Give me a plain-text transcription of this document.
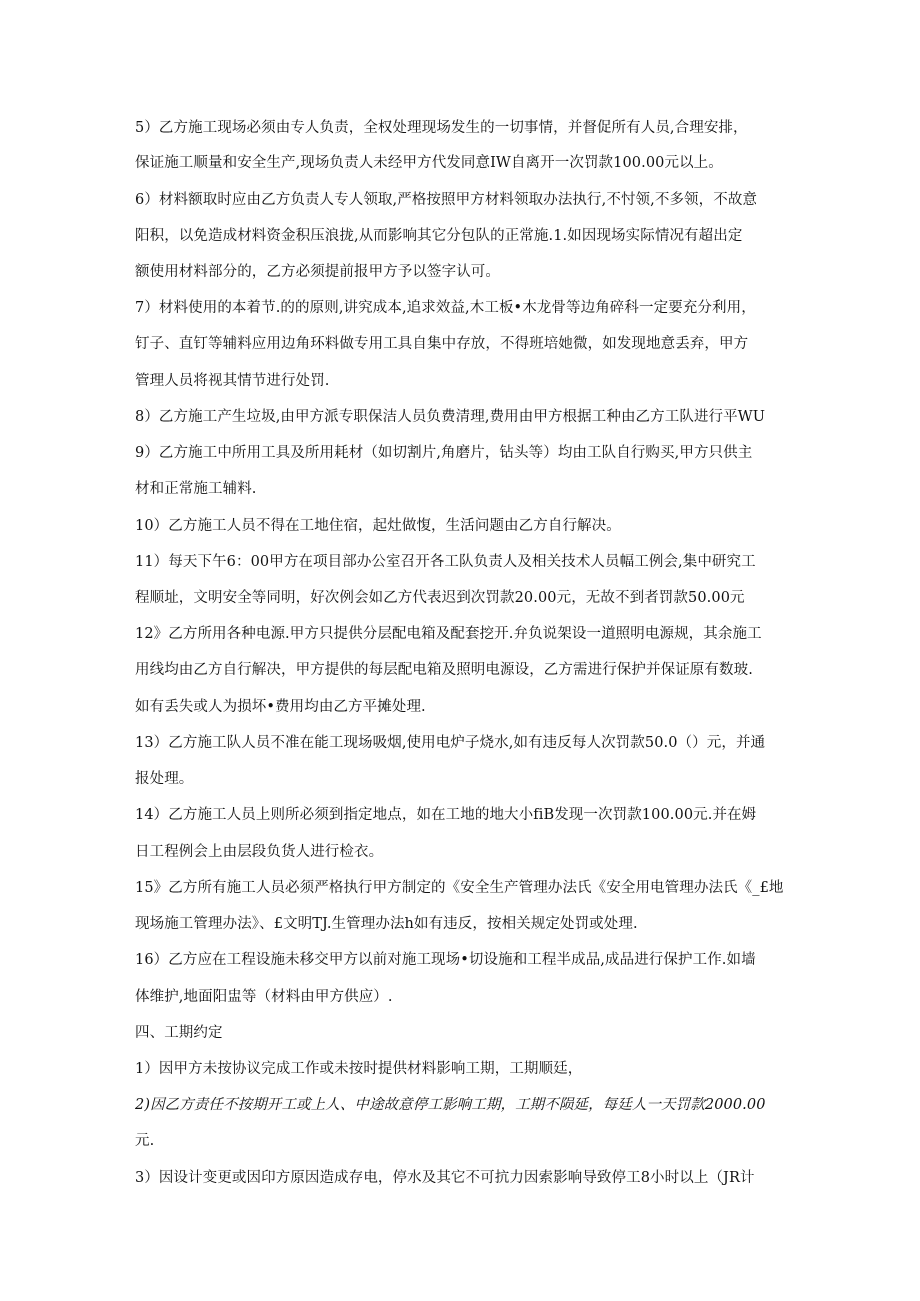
5）乙方施工现场必须由专人负责，全权处理现场发生的一切事情，并督促所有人员,合理安排，
保证施工顺量和安全生产,现场负责人未经甲方代发同意IW自离开一次罚款100.00元以上。
6）材料额取时应由乙方负责人专人领取,严格按照甲方材料领取办法执行,不忖领,不多领，不故意
阳积，以免造成材料资金积压浪拢,从而影响其它分包队的正常施.1.如因现场实际情况有超出定
额使用材料部分的，乙方必须提前报甲方予以签字认可。
7）材料使用的本着节.的的原则,讲究成本,追求效益,木工板•木龙骨等边角碎科一定要充分利用，
钉子、直钉等辅料应用边角环料做专用工具自集中存放，不得班培她微，如发现地意丢弃，甲方
管理人员将视其情节进行处罚.
8）乙方施工产生垃圾,由甲方派专职保洁人员负费清理,费用由甲方根据工种由乙方工队进行平WU
9）乙方施工中所用工具及所用耗材（如切割片,角磨片，钻头等）均由工队自行购买,甲方只供主
材和正常施工辅料.
10）乙方施工人员不得在工地住宿，起灶做愎，生活问题由乙方自行解决。
11）每天下午6：00甲方在项目部办公室召开各工队负责人及相关技术人员幅工例会,集中研究工
程顺址，文明安全等同明，好次例会如乙方代表迟到次罚款20.00元，无故不到者罚款50.00元
12》乙方所用各种电源.甲方只提供分层配电箱及配套挖开.弁负说架设一道照明电源规，其余施工
用线均由乙方自行解决，甲方提供的每层配电箱及照明电源设，乙方需进行保护并保证原有数玻.
如有丢失或人为损坏•费用均由乙方平摊处理.
13）乙方施工队人员不准在能工现场吸烟,使用电炉子烧水,如有违反每人次罚款50.0（）元，并通
报处理。
14）乙方施工人员上则所必须到指定地点，如在工地的地大小fiB发现一次罚款100.00元.并在姆
日工程例会上由层段负货人进行检衣。
15》乙方所有施工人员必须严格执行甲方制定的《安全生产管理办法氏《安全用电管理办法氏《_£地
现场施工管理办法》、£文明TJ.生管理办法h如有违反，按相关规定处罚或处理.
16）乙方应在工程设施未移交甲方以前对施工现场•切设施和工程半成品,成品进行保护工作.如墙
体维护,地面阳盅等（材料由甲方供应）.
四、工期约定
1）因甲方未按协议完成工作或未按时提供材料影响工期，工期顺廷，
2)因乙方责任不按期开工或上人、中途故意停工影响工期，工期不陨延，每廷人一天罚款2000.00
元.
3）因设计变更或因印方原因造成存电，停水及其它不可抗力因索影响导致停工8小时以上（JR计
